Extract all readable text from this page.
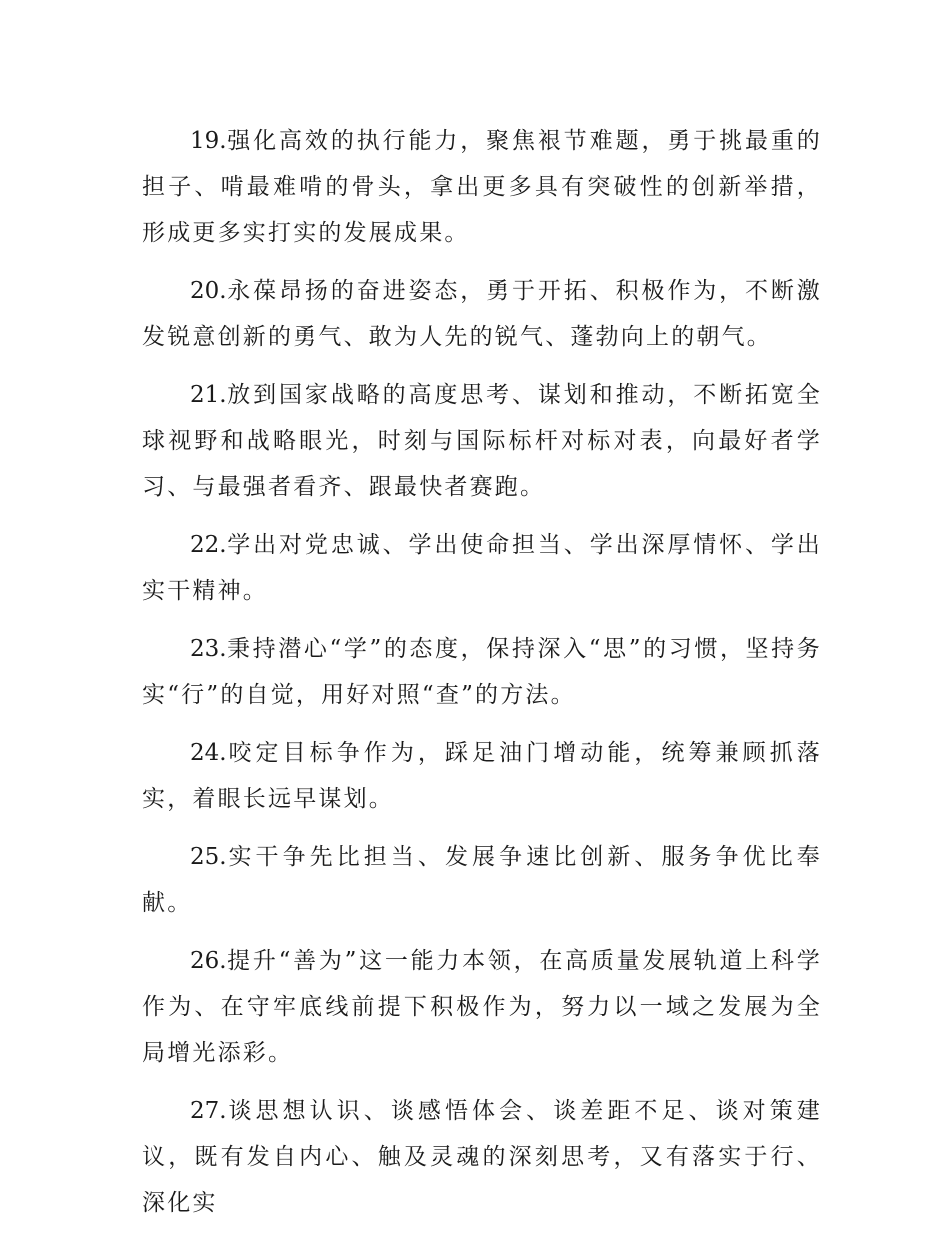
19.强化高效的执行能力，聚焦裉节难题，勇于挑最重的担子、啃最难啃的骨头，拿出更多具有突破性的创新举措，形成更多实打实的发展成果。

20.永葆昂扬的奋进姿态，勇于开拓、积极作为，不断激发锐意创新的勇气、敢为人先的锐气、蓬勃向上的朝气。

21.放到国家战略的高度思考、谋划和推动，不断拓宽全球视野和战略眼光，时刻与国际标杆对标对表，向最好者学习、与最强者看齐、跟最快者赛跑。

22.学出对党忠诚、学出使命担当、学出深厚情怀、学出实干精神。

23.秉持潜心“学”的态度，保持深入“思”的习惯，坚持务实“行”的自觉，用好对照“查”的方法。

24.咬定目标争作为，踩足油门增动能，统筹兼顾抓落实，着眼长远早谋划。

25.实干争先比担当、发展争速比创新、服务争优比奉献。

26.提升“善为”这一能力本领，在高质量发展轨道上科学作为、在守牢底线前提下积极作为，努力以一域之发展为全局增光添彩。

27.谈思想认识、谈感悟体会、谈差距不足、谈对策建议，既有发自内心、触及灵魂的深刻思考，又有落实于行、深化实
